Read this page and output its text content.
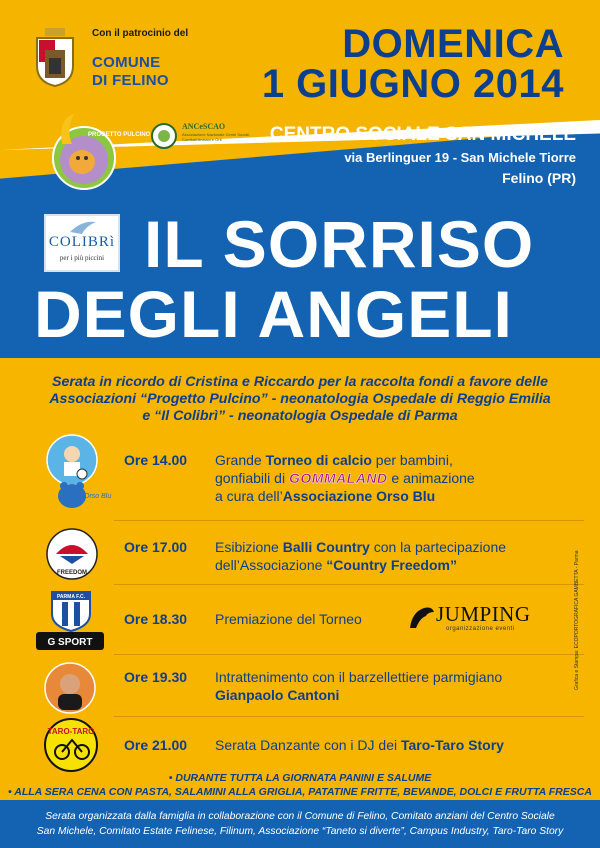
Con il patrocinio del
COMUNE
DI FELINO
DOMENICA
1 GIUGNO 2014
PROGETTO PULCINO
ANCeSCAO
Associazione Nazionale Centri Sociali, Comitati Anziani e Orti	CENTRO SOCIALE SAN MICHELE
via Berlinguer 19 - San Michele Tiorre
Felino (PR)
COLIBRì
per i più piccini IL SORRISO
DEGLI ANGELI
Serata in ricordo di Cristina e Riccardo per la raccolta fondi a favore delle
Associazioni “Progetto Pulcino” - neonatologia Ospedale di Reggio Emilia
e “Il Colibrì” - neonatologia Ospedale di Parma
Orso Blu
FREEDOM
PARMA F.C.
G SPORT
TARO-TARO
Ore 14.00 Grande Torneo di calcio per bambini,
gonfiabili di GOMMALAND e animazione
a cura dell’Associazione Orso Blu
Ore 17.00 Esibizione Balli Country con la partecipazione
dell’Associazione “Country Freedom”
Ore 18.30 Premiazione del Torneo	JUMPING
organizzazione eventi
Ore 19.30 Intrattenimento con il barzellettiere parmigiano
Gianpaolo Cantoni
Ore 21.00 Serata Danzante con i DJ dei Taro-Taro Story
Grafica e Stampa: ECOPORTOGRAFICA GAMBETTA - Parma
• DURANTE TUTTA LA GIORNATA PANINI E SALUME
• ALLA SERA CENA CON PASTA, SALAMINI ALLA GRIGLIA, PATATINE FRITTE, BEVANDE, DOLCI E FRUTTA FRESCA
Serata organizzata dalla famiglia in collaborazione con il Comune di Felino, Comitato anziani del Centro Sociale
San Michele, Comitato Estate Felinese, Filinum, Associazione “Taneto si diverte”, Campus Industry, Taro-Taro Story
